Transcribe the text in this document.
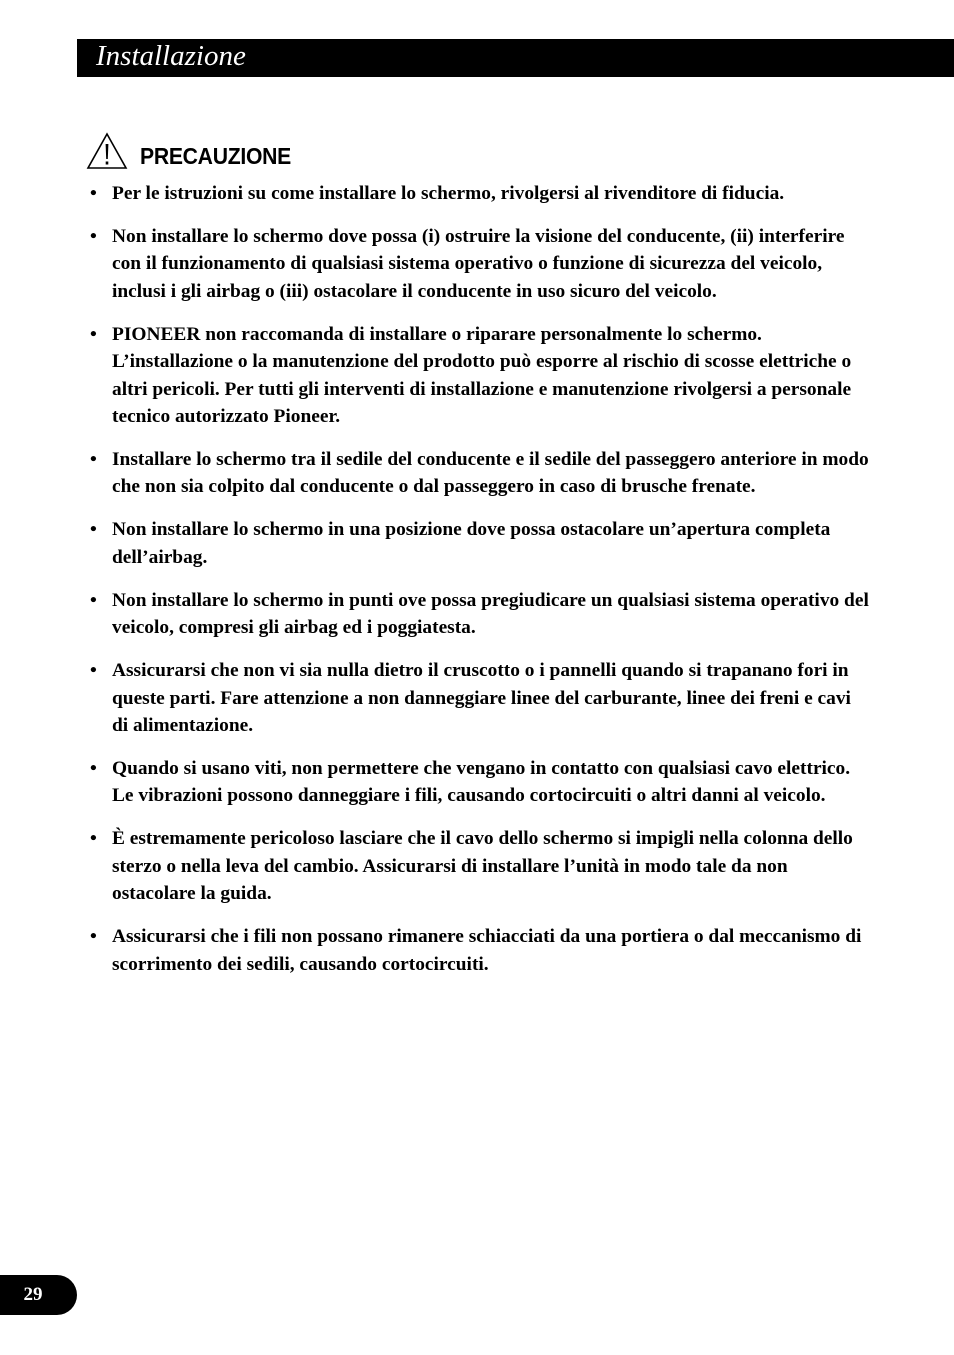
Installazione
PRECAUZIONE
• Per le istruzioni su come installare lo schermo, rivolgersi al rivenditore di fiducia.
• Non installare lo schermo dove possa (i) ostruire la visione del conducente, (ii) interferire con il funzionamento di qualsiasi sistema operativo o funzione di sicurezza del veicolo, inclusi i gli airbag o (iii) ostacolare il conducente in uso sicuro del veicolo.
• PIONEER non raccomanda di installare o riparare personalmente lo schermo. L’installazione o la manutenzione del prodotto può esporre al rischio di scosse elettriche o altri pericoli. Per tutti gli interventi di installazione e manutenzione rivolgersi a personale tecnico autorizzato Pioneer.
• Installare lo schermo tra il sedile del conducente e il sedile del passeggero anteriore in modo che non sia colpito dal conducente o dal passeggero in caso di brusche frenate.
• Non installare lo schermo in una posizione dove possa ostacolare un’apertura completa dell’airbag.
• Non installare lo schermo in punti ove possa pregiudicare un qualsiasi sistema operativo del veicolo, compresi gli airbag ed i poggiatesta.
• Assicurarsi che non vi sia nulla dietro il cruscotto o i pannelli quando si trapanano fori in queste parti. Fare attenzione a non danneggiare linee del carburante, linee dei freni e cavi di alimentazione.
• Quando si usano viti, non permettere che vengano in contatto con qualsiasi cavo elettrico. Le vibrazioni possono danneggiare i fili, causando cortocircuiti o altri danni al veicolo.
• È estremamente pericoloso lasciare che il cavo dello schermo si impigli nella colonna dello sterzo o nella leva del cambio. Assicurarsi di installare l’unità in modo tale da non ostacolare la guida.
• Assicurarsi che i fili non possano rimanere schiacciati da una portiera o dal meccanismo di scorrimento dei sedili, causando cortocircuiti.
29
